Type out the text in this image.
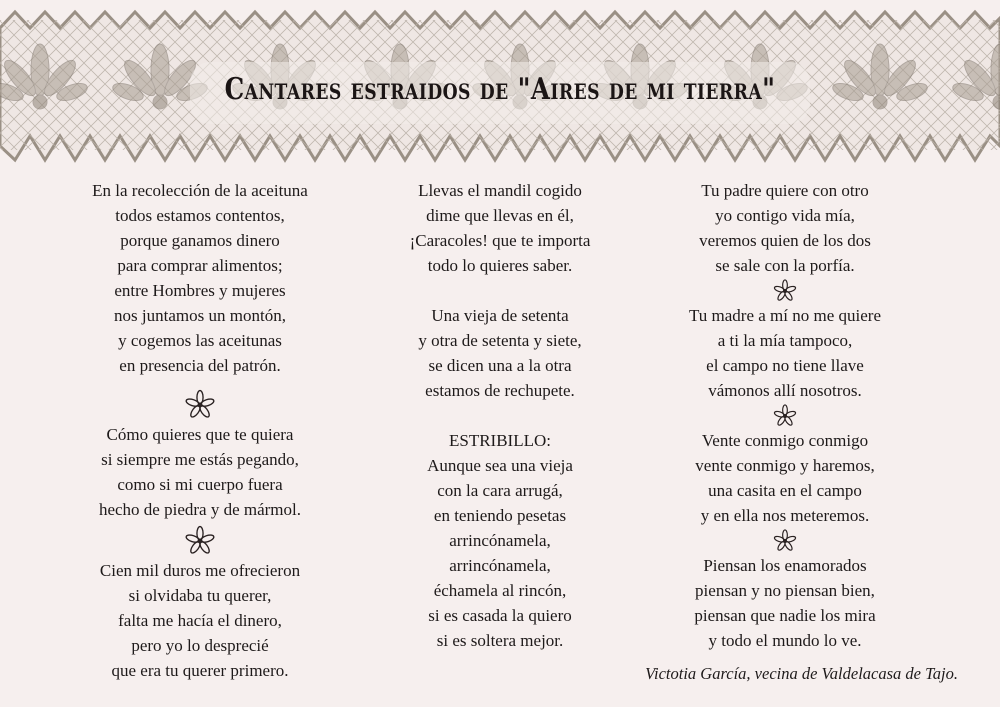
Cantares estraidos de "Aires de mi tierra"
En la recolección de la aceituna
todos estamos contentos,
porque ganamos dinero
para comprar alimentos;
entre Hombres y mujeres
nos juntamos un montón,
y cogemos las aceitunas
en presencia del patrón.
Cómo quieres que te quiera
si siempre me estás pegando,
como si mi cuerpo fuera
hecho de piedra y de mármol.
Cien mil duros me ofrecieron
si olvidaba tu querer,
falta me hacía el dinero,
pero yo lo desprecié
que era tu querer primero.
Llevas el mandil cogido
dime que llevas en él,
¡Caracoles! que te importa
todo lo quieres saber.
Una vieja de setenta
y otra de setenta y siete,
se dicen una a la otra
estamos de rechupete.
ESTRIBILLO:
Aunque sea una vieja
con la cara arrugá,
en teniendo pesetas
arrincónamela,
arrincónamela,
échamela al rincón,
si es casada la quiero
si es soltera mejor.
Tu padre quiere con otro
yo contigo vida mía,
veremos quien de los dos
se sale con la porfía.
Tu madre a mí no me quiere
a ti la mía tampoco,
el campo no tiene llave
vámonos allí nosotros.
Vente conmigo conmigo
vente conmigo y haremos,
una casita en el campo
y en ella nos meteremos.
Piensan los enamorados
piensan y no piensan bien,
piensan que nadie los mira
y todo el mundo lo ve.
Victotia García, vecina de Valdelacasa de Tajo.
